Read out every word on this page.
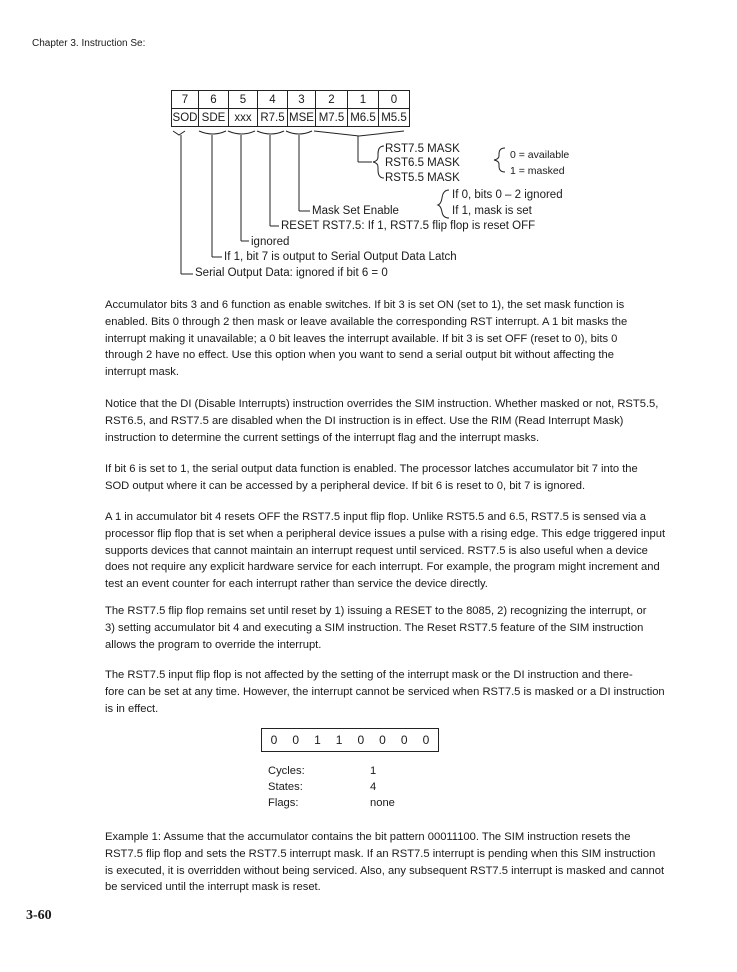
Chapter 3. Instruction Se:
7	6	5	4	3	2	1	0
SOD	SDE	xxx	R7.5	MSE	M7.5	M6.5	M5.5
RST7.5 MASK
RST6.5 MASK
RST5.5 MASK
0 = available
1 = masked
If 0, bits 0 – 2 ignored
Mask Set Enable	If 1, mask is set
RESET RST7.5: If 1, RST7.5 flip flop is reset OFF
ignored
If 1, bit 7 is output to Serial Output Data Latch
Serial Output Data: ignored if bit 6 = 0
Accumulator bits 3 and 6 function as enable switches. If bit 3 is set ON (set to 1), the set mask function is
enabled. Bits 0 through 2 then mask or leave available the corresponding RST interrupt. A 1 bit masks the
interrupt making it unavailable; a 0 bit leaves the interrupt available. If bit 3 is set OFF (reset to 0), bits 0
through 2 have no effect. Use this option when you want to send a serial output bit without affecting the
interrupt mask.
Notice that the DI (Disable Interrupts) instruction overrides the SIM instruction. Whether masked or not, RST5.5,
RST6.5, and RST7.5 are disabled when the DI instruction is in effect. Use the RIM (Read Interrupt Mask)
instruction to determine the current settings of the interrupt flag and the interrupt masks.
If bit 6 is set to 1, the serial output data function is enabled. The processor latches accumulator bit 7 into the
SOD output where it can be accessed by a peripheral device. If bit 6 is reset to 0, bit 7 is ignored.
A 1 in accumulator bit 4 resets OFF the RST7.5 input flip flop. Unlike RST5.5 and 6.5, RST7.5 is sensed via a
processor flip flop that is set when a peripheral device issues a pulse with a rising edge. This edge triggered input
supports devices that cannot maintain an interrupt request until serviced. RST7.5 is also useful when a device
does not require any explicit hardware service for each interrupt. For example, the program might increment and
test an event counter for each interrupt rather than service the device directly.
The RST7.5 flip flop remains set until reset by 1) issuing a RESET to the 8085, 2) recognizing the interrupt, or
3) setting accumulator bit 4 and executing a SIM instruction. The Reset RST7.5 feature of the SIM instruction
allows the program to override the interrupt.
The RST7.5 input flip flop is not affected by the setting of the interrupt mask or the DI instruction and there-
fore can be set at any time. However, the interrupt cannot be serviced when RST7.5 is masked or a DI instruction
is in effect.
0	0	1	1	0	0	0	0
Cycles:	1
States:	4
Flags:	none
Example 1: Assume that the accumulator contains the bit pattern 00011100. The SIM instruction resets the
RST7.5 flip flop and sets the RST7.5 interrupt mask. If an RST7.5 interrupt is pending when this SIM instruction
is executed, it is overridden without being serviced. Also, any subsequent RST7.5 interrupt is masked and cannot
be serviced until the interrupt mask is reset.
3-60
